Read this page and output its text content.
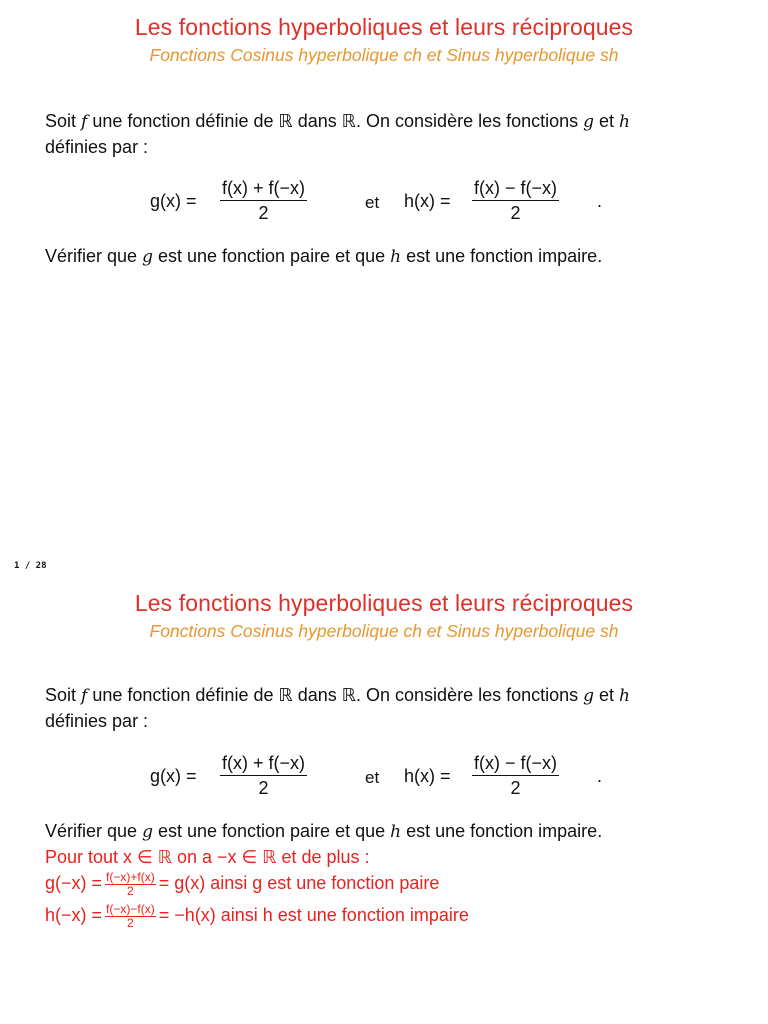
Les fonctions hyperboliques et leurs réciproques
Fonctions Cosinus hyperbolique ch et Sinus hyperbolique sh
Soit f une fonction définie de ℝ dans ℝ. On considère les fonctions g et h
définies par :
$g(x) = \frac{f(x) + f(-x)}{2}$	et $h(x) = \frac{f(x) - f(-x)}{2}$ .
Vérifier que g est une fonction paire et que h est une fonction impaire.
1 / 28
Les fonctions hyperboliques et leurs réciproques
Fonctions Cosinus hyperbolique ch et Sinus hyperbolique sh
Soit f une fonction définie de ℝ dans ℝ. On considère les fonctions g et h
définies par :
$g(x) = \frac{f(x) + f(-x)}{2}$	et $h(x) = \frac{f(x) - f(-x)}{2}$ .
Vérifier que g est une fonction paire et que h est une fonction impaire.
Pour tout x ∈ ℝ on a −x ∈ ℝ et de plus :
$g(-x) = \frac{f(-x)+f(x)}{2} = g(x)$ ainsi g est une fonction paire
$h(-x) = \frac{f(-x)-f(x)}{2} = -h(x)$ ainsi h est une fonction impaire
